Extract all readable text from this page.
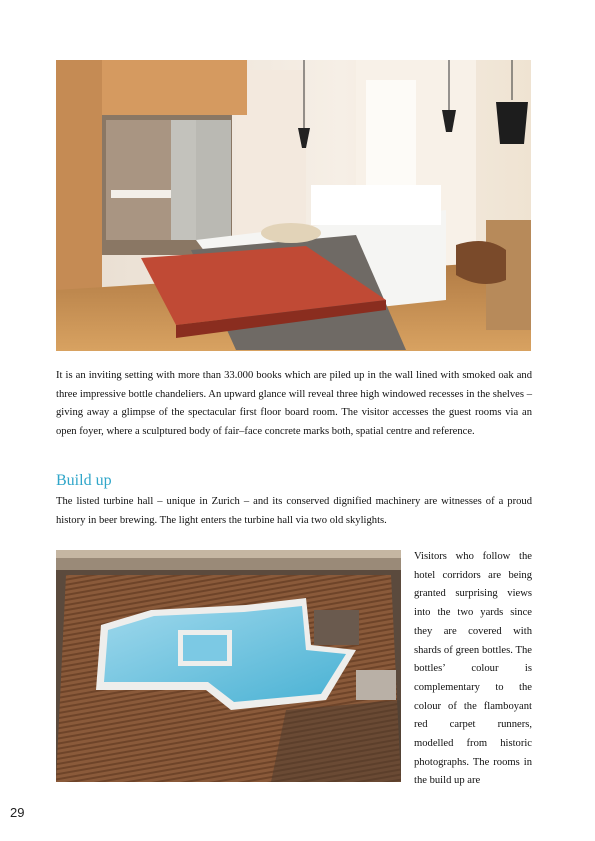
It is an inviting setting with more than 33.000 books which are piled up in the wall lined with smoked oak and three impressive bottle chandeliers. An upward glance will reveal three high windowed recesses in the shelves – giving away a glimpse of the spectacular first floor board room. The visitor accesses the guest rooms via an open foyer, where a sculptured body of fair–face concrete marks both, spatial centre and reference.

Build up

The listed turbine hall – unique in Zurich – and its conserved dignified machinery are witnesses of a proud history in beer brewing. The light enters the turbine hall via two old skylights.

Visitors who follow the hotel corridors are being granted surprising views into the two yards since they are covered with shards of green bottles. The bottles’ colour is complementary to the colour of the flamboyant red carpet runners, modelled from historic photographs. The rooms in the build up are

29
